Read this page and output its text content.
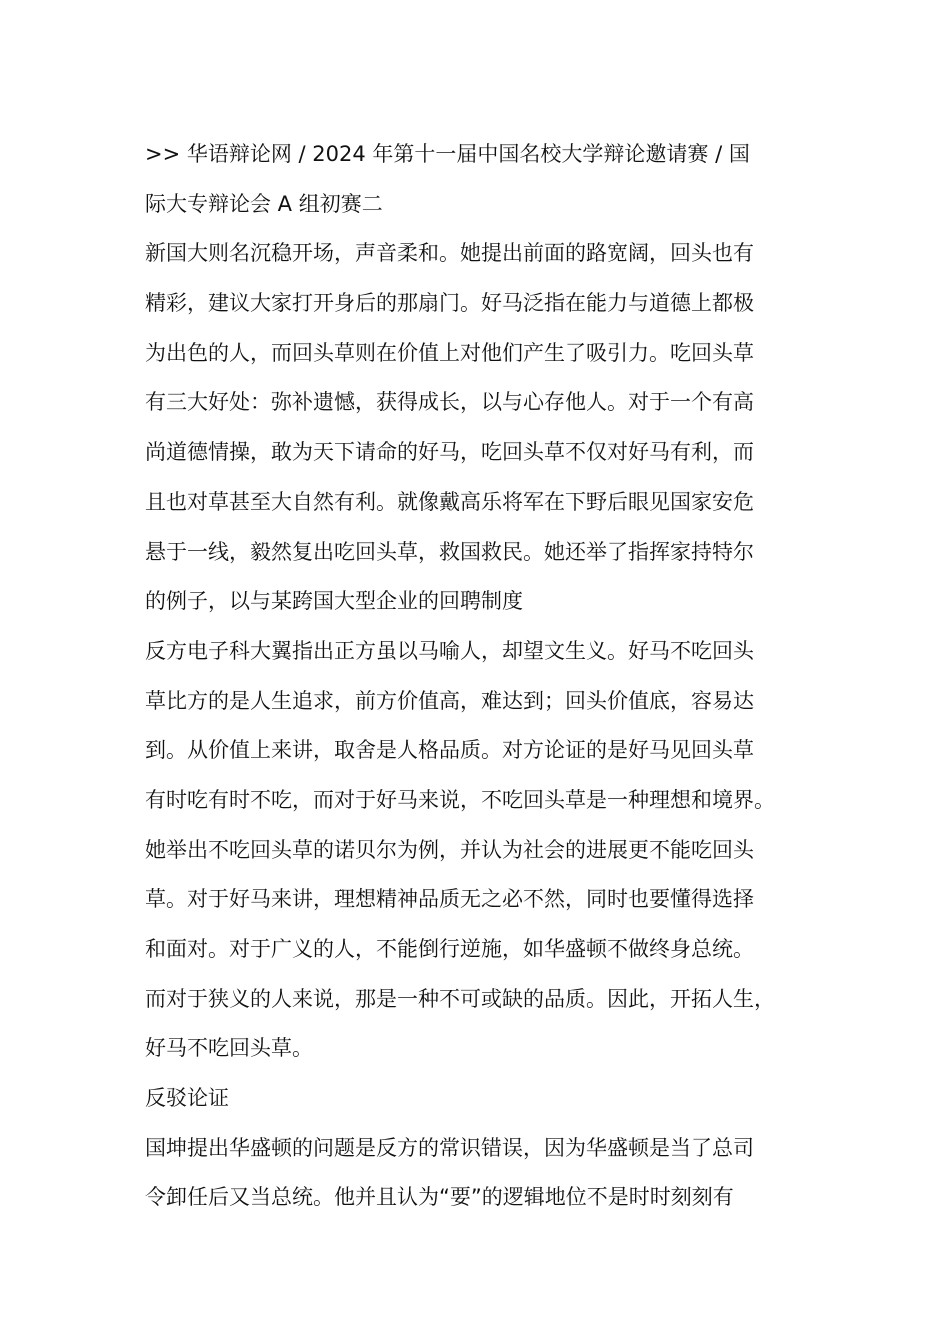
>> 华语辩论网 / 2024 年第十一届中国名校大学辩论邀请赛 / 国
际大专辩论会 A 组初赛二
新国大则名沉稳开场，声音柔和。她提出前面的路宽阔，回头也有
精彩，建议大家打开身后的那扇门。好马泛指在能力与道德上都极
为出色的人，而回头草则在价值上对他们产生了吸引力。吃回头草
有三大好处：弥补遗憾，获得成长，以与心存他人。对于一个有高
尚道德情操，敢为天下请命的好马，吃回头草不仅对好马有利，而
且也对草甚至大自然有利。就像戴高乐将军在下野后眼见国家安危
悬于一线，毅然复出吃回头草，救国救民。她还举了指挥家持特尔
的例子，以与某跨国大型企业的回聘制度
反方电子科大翼指出正方虽以马喻人，却望文生义。好马不吃回头
草比方的是人生追求，前方价值高，难达到；回头价值底，容易达
到。从价值上来讲，取舍是人格品质。对方论证的是好马见回头草
有时吃有时不吃，而对于好马来说，不吃回头草是一种理想和境界。
她举出不吃回头草的诺贝尔为例，并认为社会的进展更不能吃回头
草。对于好马来讲，理想精神品质无之必不然，同时也要懂得选择
和面对。对于广义的人，不能倒行逆施，如华盛顿不做终身总统。
而对于狭义的人来说，那是一种不可或缺的品质。因此，开拓人生，
好马不吃回头草。
反驳论证
国坤提出华盛顿的问题是反方的常识错误，因为华盛顿是当了总司
令卸任后又当总统。他并且认为“要”的逻辑地位不是时时刻刻有
